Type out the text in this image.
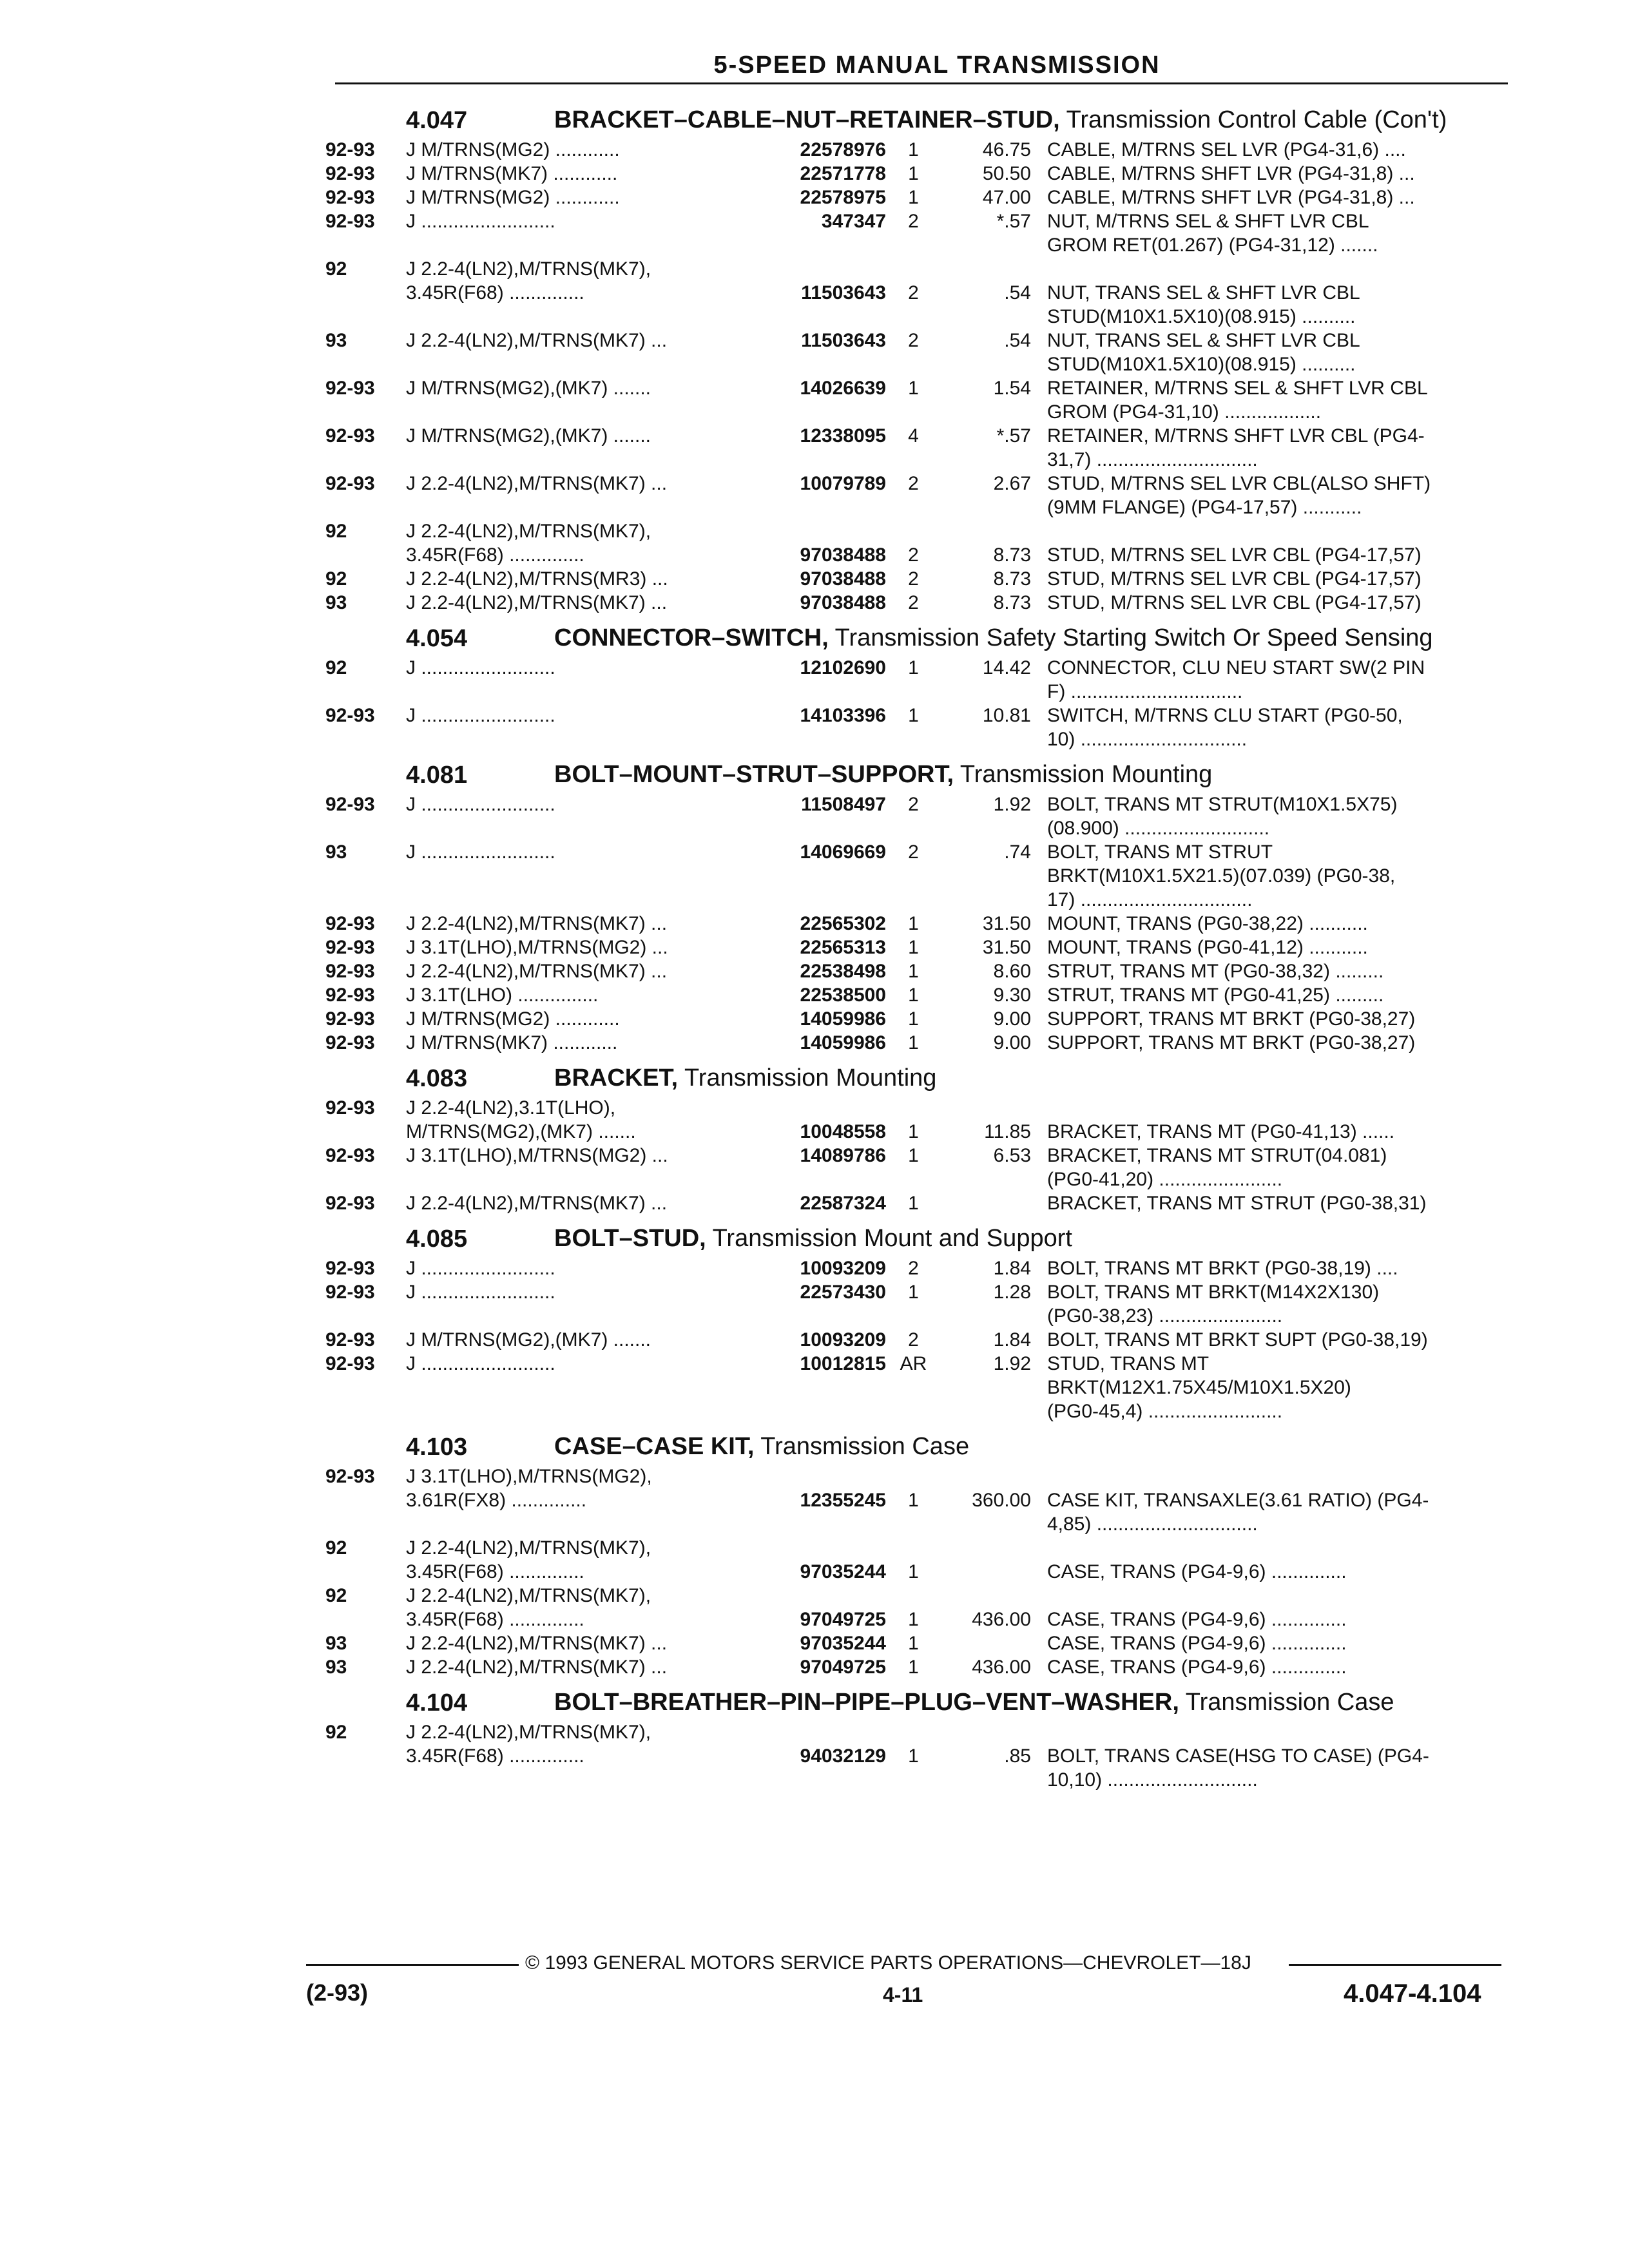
5-SPEED MANUAL TRANSMISSION
4.047	BRACKET–CABLE–NUT–RETAINER–STUD, Transmission Control Cable (Con't)
92-93 J M/TRNS(MG2) ............	22578976	1	46.75 CABLE, M/TRNS SEL LVR (PG4-31,6) ....
92-93 J M/TRNS(MK7) ............	22571778	1	50.50 CABLE, M/TRNS SHFT LVR (PG4-31,8) ...
92-93 J M/TRNS(MG2) ............	22578975	1	47.00 CABLE, M/TRNS SHFT LVR (PG4-31,8) ...
92-93 J .........................	347347	2	*.57 NUT, M/TRNS SEL & SHFT LVR CBL
GROM RET(01.267) (PG4-31,12) .......
92	J 2.2-4(LN2),M/TRNS(MK7),
3.45R(F68) ..............	11503643	2	.54 NUT, TRANS SEL & SHFT LVR CBL
STUD(M10X1.5X10)(08.915) ..........
93	J 2.2-4(LN2),M/TRNS(MK7) ...	11503643	2	.54 NUT, TRANS SEL & SHFT LVR CBL
STUD(M10X1.5X10)(08.915) ..........
92-93 J M/TRNS(MG2),(MK7) .......	14026639	1	1.54 RETAINER, M/TRNS SEL & SHFT LVR CBL
GROM (PG4-31,10) ..................
92-93 J M/TRNS(MG2),(MK7) .......	12338095	4	*.57 RETAINER, M/TRNS SHFT LVR CBL (PG4-
31,7) ..............................
92-93 J 2.2-4(LN2),M/TRNS(MK7) ...	10079789	2	2.67 STUD, M/TRNS SEL LVR CBL(ALSO SHFT)
(9MM FLANGE) (PG4-17,57) ...........
92	J 2.2-4(LN2),M/TRNS(MK7),
3.45R(F68) ..............	97038488	2	8.73 STUD, M/TRNS SEL LVR CBL (PG4-17,57)
92	J 2.2-4(LN2),M/TRNS(MR3) ...	97038488	2	8.73 STUD, M/TRNS SEL LVR CBL (PG4-17,57)
93	J 2.2-4(LN2),M/TRNS(MK7) ...	97038488	2	8.73 STUD, M/TRNS SEL LVR CBL (PG4-17,57)
4.054	CONNECTOR–SWITCH, Transmission Safety Starting Switch Or Speed Sensing
92	J .........................	12102690	1	14.42 CONNECTOR, CLU NEU START SW(2 PIN
F) ................................
92-93 J .........................	14103396	1	10.81 SWITCH, M/TRNS CLU START (PG0-50,
10) ...............................
4.081	BOLT–MOUNT–STRUT–SUPPORT, Transmission Mounting
92-93 J .........................	11508497	2	1.92 BOLT, TRANS MT STRUT(M10X1.5X75)
(08.900) ...........................
93	J .........................	14069669	2	.74 BOLT, TRANS MT STRUT
BRKT(M10X1.5X21.5)(07.039) (PG0-38,
17) ................................
92-93 J 2.2-4(LN2),M/TRNS(MK7) ...	22565302	1	31.50 MOUNT, TRANS (PG0-38,22) ...........
92-93 J 3.1T(LHO),M/TRNS(MG2) ...	22565313	1	31.50 MOUNT, TRANS (PG0-41,12) ...........
92-93 J 2.2-4(LN2),M/TRNS(MK7) ...	22538498	1	8.60 STRUT, TRANS MT (PG0-38,32) .........
92-93 J 3.1T(LHO) ...............	22538500	1	9.30 STRUT, TRANS MT (PG0-41,25) .........
92-93 J M/TRNS(MG2) ............	14059986	1	9.00 SUPPORT, TRANS MT BRKT (PG0-38,27)
92-93 J M/TRNS(MK7) ............	14059986	1	9.00 SUPPORT, TRANS MT BRKT (PG0-38,27)
4.083	BRACKET, Transmission Mounting
92-93 J 2.2-4(LN2),3.1T(LHO),
M/TRNS(MG2),(MK7) .......	10048558	1	11.85 BRACKET, TRANS MT (PG0-41,13) ......
92-93 J 3.1T(LHO),M/TRNS(MG2) ...	14089786	1	6.53 BRACKET, TRANS MT STRUT(04.081)
(PG0-41,20) .......................
92-93 J 2.2-4(LN2),M/TRNS(MK7) ...	22587324	1	BRACKET, TRANS MT STRUT (PG0-38,31)
4.085	BOLT–STUD, Transmission Mount and Support
92-93 J .........................	10093209	2	1.84 BOLT, TRANS MT BRKT (PG0-38,19) ....
92-93 J .........................	22573430	1	1.28 BOLT, TRANS MT BRKT(M14X2X130)
(PG0-38,23) .......................
92-93 J M/TRNS(MG2),(MK7) .......	10093209	2	1.84 BOLT, TRANS MT BRKT SUPT (PG0-38,19)
92-93 J .........................	10012815 AR	1.92 STUD, TRANS MT
BRKT(M12X1.75X45/M10X1.5X20)
(PG0-45,4) .........................
4.103	CASE–CASE KIT, Transmission Case
92-93 J 3.1T(LHO),M/TRNS(MG2),
3.61R(FX8) ..............	12355245	1	360.00 CASE KIT, TRANSAXLE(3.61 RATIO) (PG4-
4,85) ..............................
92	J 2.2-4(LN2),M/TRNS(MK7),
3.45R(F68) ..............	97035244	1	CASE, TRANS (PG4-9,6) ..............
92	J 2.2-4(LN2),M/TRNS(MK7),
3.45R(F68) ..............	97049725	1	436.00 CASE, TRANS (PG4-9,6) ..............
93	J 2.2-4(LN2),M/TRNS(MK7) ...	97035244	1	CASE, TRANS (PG4-9,6) ..............
93	J 2.2-4(LN2),M/TRNS(MK7) ...	97049725	1	436.00 CASE, TRANS (PG4-9,6) ..............
4.104	BOLT–BREATHER–PIN–PIPE–PLUG–VENT–WASHER, Transmission Case
92	J 2.2-4(LN2),M/TRNS(MK7),
3.45R(F68) ..............	94032129	1	.85 BOLT, TRANS CASE(HSG TO CASE) (PG4-
10,10) ............................
© 1993 GENERAL MOTORS SERVICE PARTS OPERATIONS—CHEVROLET—18J
(2-93)	4-11	4.047-4.104
